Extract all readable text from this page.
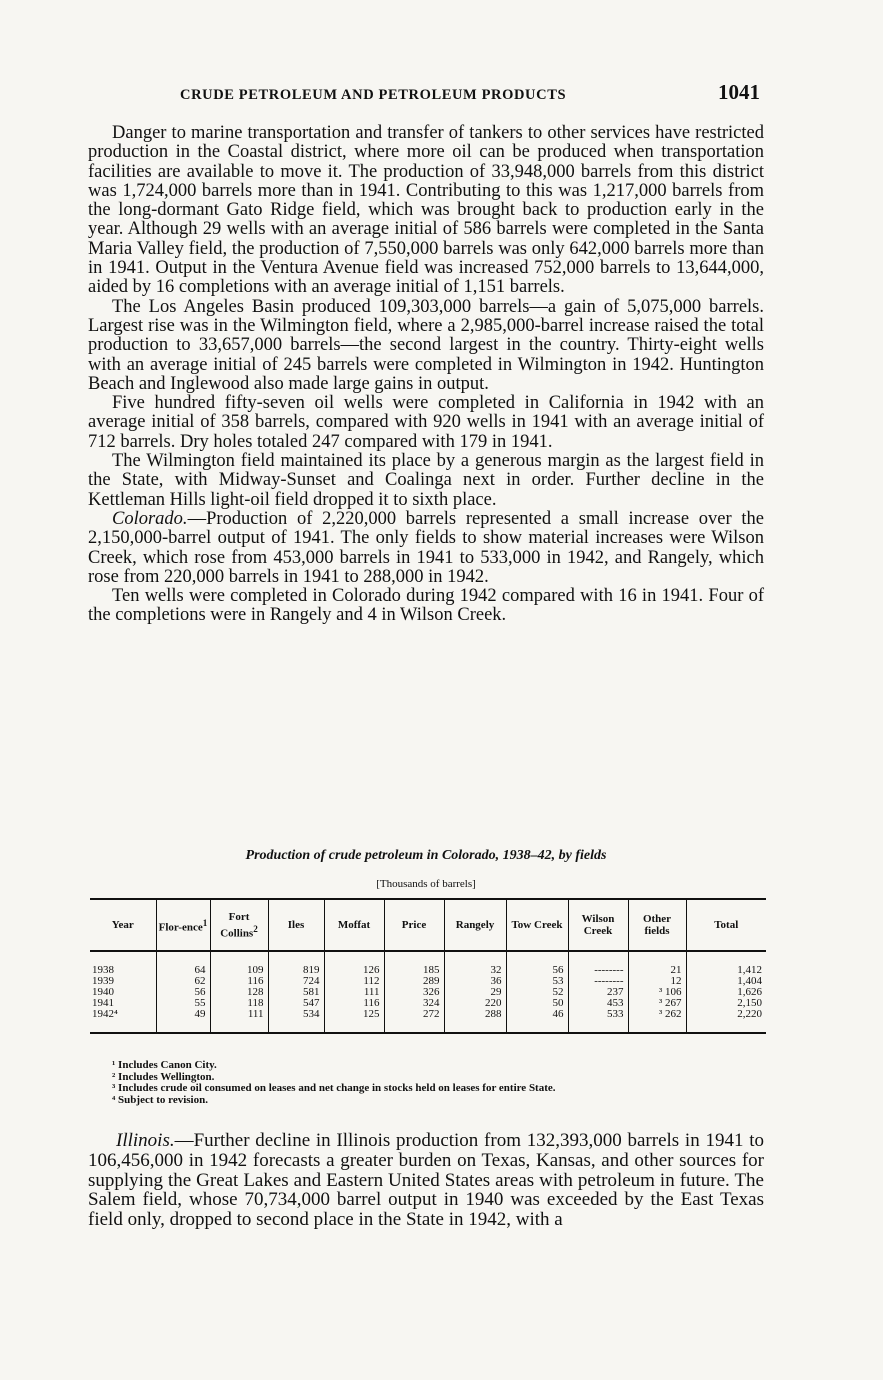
CRUDE PETROLEUM AND PETROLEUM PRODUCTS	1041

Danger to marine transportation and transfer of tankers to other services have restricted production in the Coastal district, where more oil can be produced when transportation facilities are available to move it. The production of 33,948,000 barrels from this district was 1,724,000 barrels more than in 1941. Contributing to this was 1,217,000 barrels from the long-dormant Gato Ridge field, which was brought back to production early in the year. Although 29 wells with an average initial of 586 barrels were completed in the Santa Maria Valley field, the production of 7,550,000 barrels was only 642,000 barrels more than in 1941. Output in the Ventura Avenue field was increased 752,000 barrels to 13,644,000, aided by 16 completions with an average initial of 1,151 barrels.

The Los Angeles Basin produced 109,303,000 barrels—a gain of 5,075,000 barrels. Largest rise was in the Wilmington field, where a 2,985,000-barrel increase raised the total production to 33,657,000 barrels—the second largest in the country. Thirty-eight wells with an average initial of 245 barrels were completed in Wilmington in 1942. Huntington Beach and Inglewood also made large gains in output.

Five hundred fifty-seven oil wells were completed in California in 1942 with an average initial of 358 barrels, compared with 920 wells in 1941 with an average initial of 712 barrels. Dry holes totaled 247 compared with 179 in 1941.

The Wilmington field maintained its place by a generous margin as the largest field in the State, with Midway-Sunset and Coalinga next in order. Further decline in the Kettleman Hills light-oil field dropped it to sixth place.

Colorado.—Production of 2,220,000 barrels represented a small increase over the 2,150,000-barrel output of 1941. The only fields to show material increases were Wilson Creek, which rose from 453,000 barrels in 1941 to 533,000 in 1942, and Rangely, which rose from 220,000 barrels in 1941 to 288,000 in 1942.

Ten wells were completed in Colorado during 1942 compared with 16 in 1941. Four of the completions were in Rangely and 4 in Wilson Creek.

Production of crude petroleum in Colorado, 1938–42, by fields
[Thousands of barrels]
Year	Flor-ence$^1$	Fort Collins$^2$	Iles	Moffat	Price	Rangely	Tow Creek	Wilson Creek	Other fields	Total
1938	64	109	819	126	185	32	56	--------	21	1,412
1939	62	116	724	112	289	36	53	--------	12	1,404
1940	56	128	581	111	326	29	52	237	³ 106	1,626
1941	55	118	547	116	324	220	50	453	³ 267	2,150
1942⁴	49	111	534	125	272	288	46	533	³ 262	2,220
¹ Includes Canon City.
² Includes Wellington.
³ Includes crude oil consumed on leases and net change in stocks held on leases for entire State.
⁴ Subject to revision.

Illinois.—Further decline in Illinois production from 132,393,000 barrels in 1941 to 106,456,000 in 1942 forecasts a greater burden on Texas, Kansas, and other sources for supplying the Great Lakes and Eastern United States areas with petroleum in future. The Salem field, whose 70,734,000 barrel output in 1940 was exceeded by the East Texas field only, dropped to second place in the State in 1942, with a
